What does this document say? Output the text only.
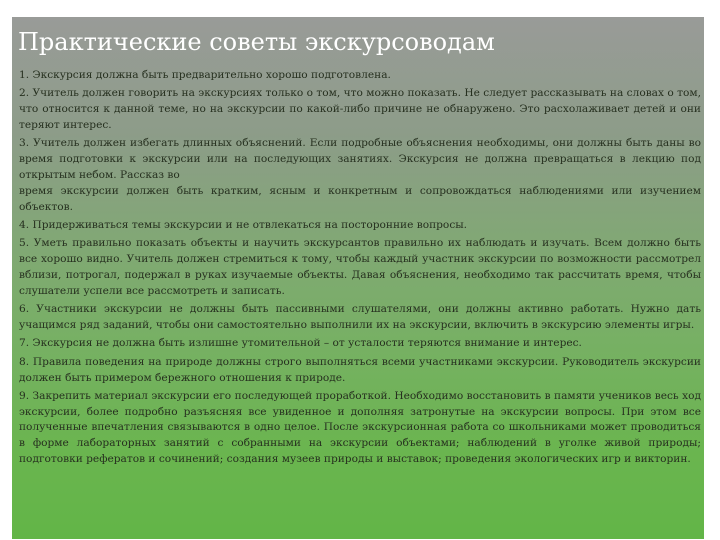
Практические советы экскурсоводам
1. Экскурсия должна быть предварительно хорошо подготовлена.
2. Учитель должен говорить на экскурсиях только о том, что можно показать. Не следует рассказывать на словах о том, что относится к данной теме, но на экскурсии по какой-либо причине не обнаружено. Это расхолаживает детей и они теряют интерес.
3. Учитель должен избегать длинных объяснений. Если подробные объяснения необходимы, они должны быть даны во время подготовки к экскурсии или на последующих занятиях. Экскурсия не должна превращаться в лекцию под открытым небом. Рассказ во
время экскурсии должен быть кратким, ясным и конкретным и сопровождаться наблюдениями или изучением объектов.
4. Придерживаться темы экскурсии и не отвлекаться на посторонние вопросы.
5. Уметь правильно показать объекты и научить экскурсантов правильно их наблюдать и изучать. Всем должно быть все хорошо видно. Учитель должен стремиться к тому, чтобы каждый участник экскурсии по возможности рассмотрел вблизи, потрогал, подержал в руках изучаемые объекты. Давая объяснения, необходимо так рассчитать время, чтобы слушатели успели все рассмотреть и записать.
6. Участники экскурсии не должны быть пассивными слушателями, они должны активно работать. Нужно дать учащимся ряд заданий, чтобы они самостоятельно выполнили их на экскурсии, включить в экскурсию элементы игры.
7. Экскурсия не должна быть излишне утомительной – от усталости теряются внимание и интерес.
8. Правила поведения на природе должны строго выполняться всеми участниками экскурсии. Руководитель экскурсии должен быть примером бережного отношения к природе.
9. Закрепить материал экскурсии его последующей проработкой. Необходимо восстановить в памяти учеников весь ход экскурсии, более подробно разъясняя все увиденное и дополняя затронутые на экскурсии вопросы. При этом все полученные впечатления связываются в одно целое. После экскурсионная работа со школьниками может проводиться в форме лабораторных занятий с собранными на экскурсии объектами; наблюдений в уголке живой природы; подготовки рефератов и сочинений; создания музеев природы и выставок; проведения экологических игр и викторин.
